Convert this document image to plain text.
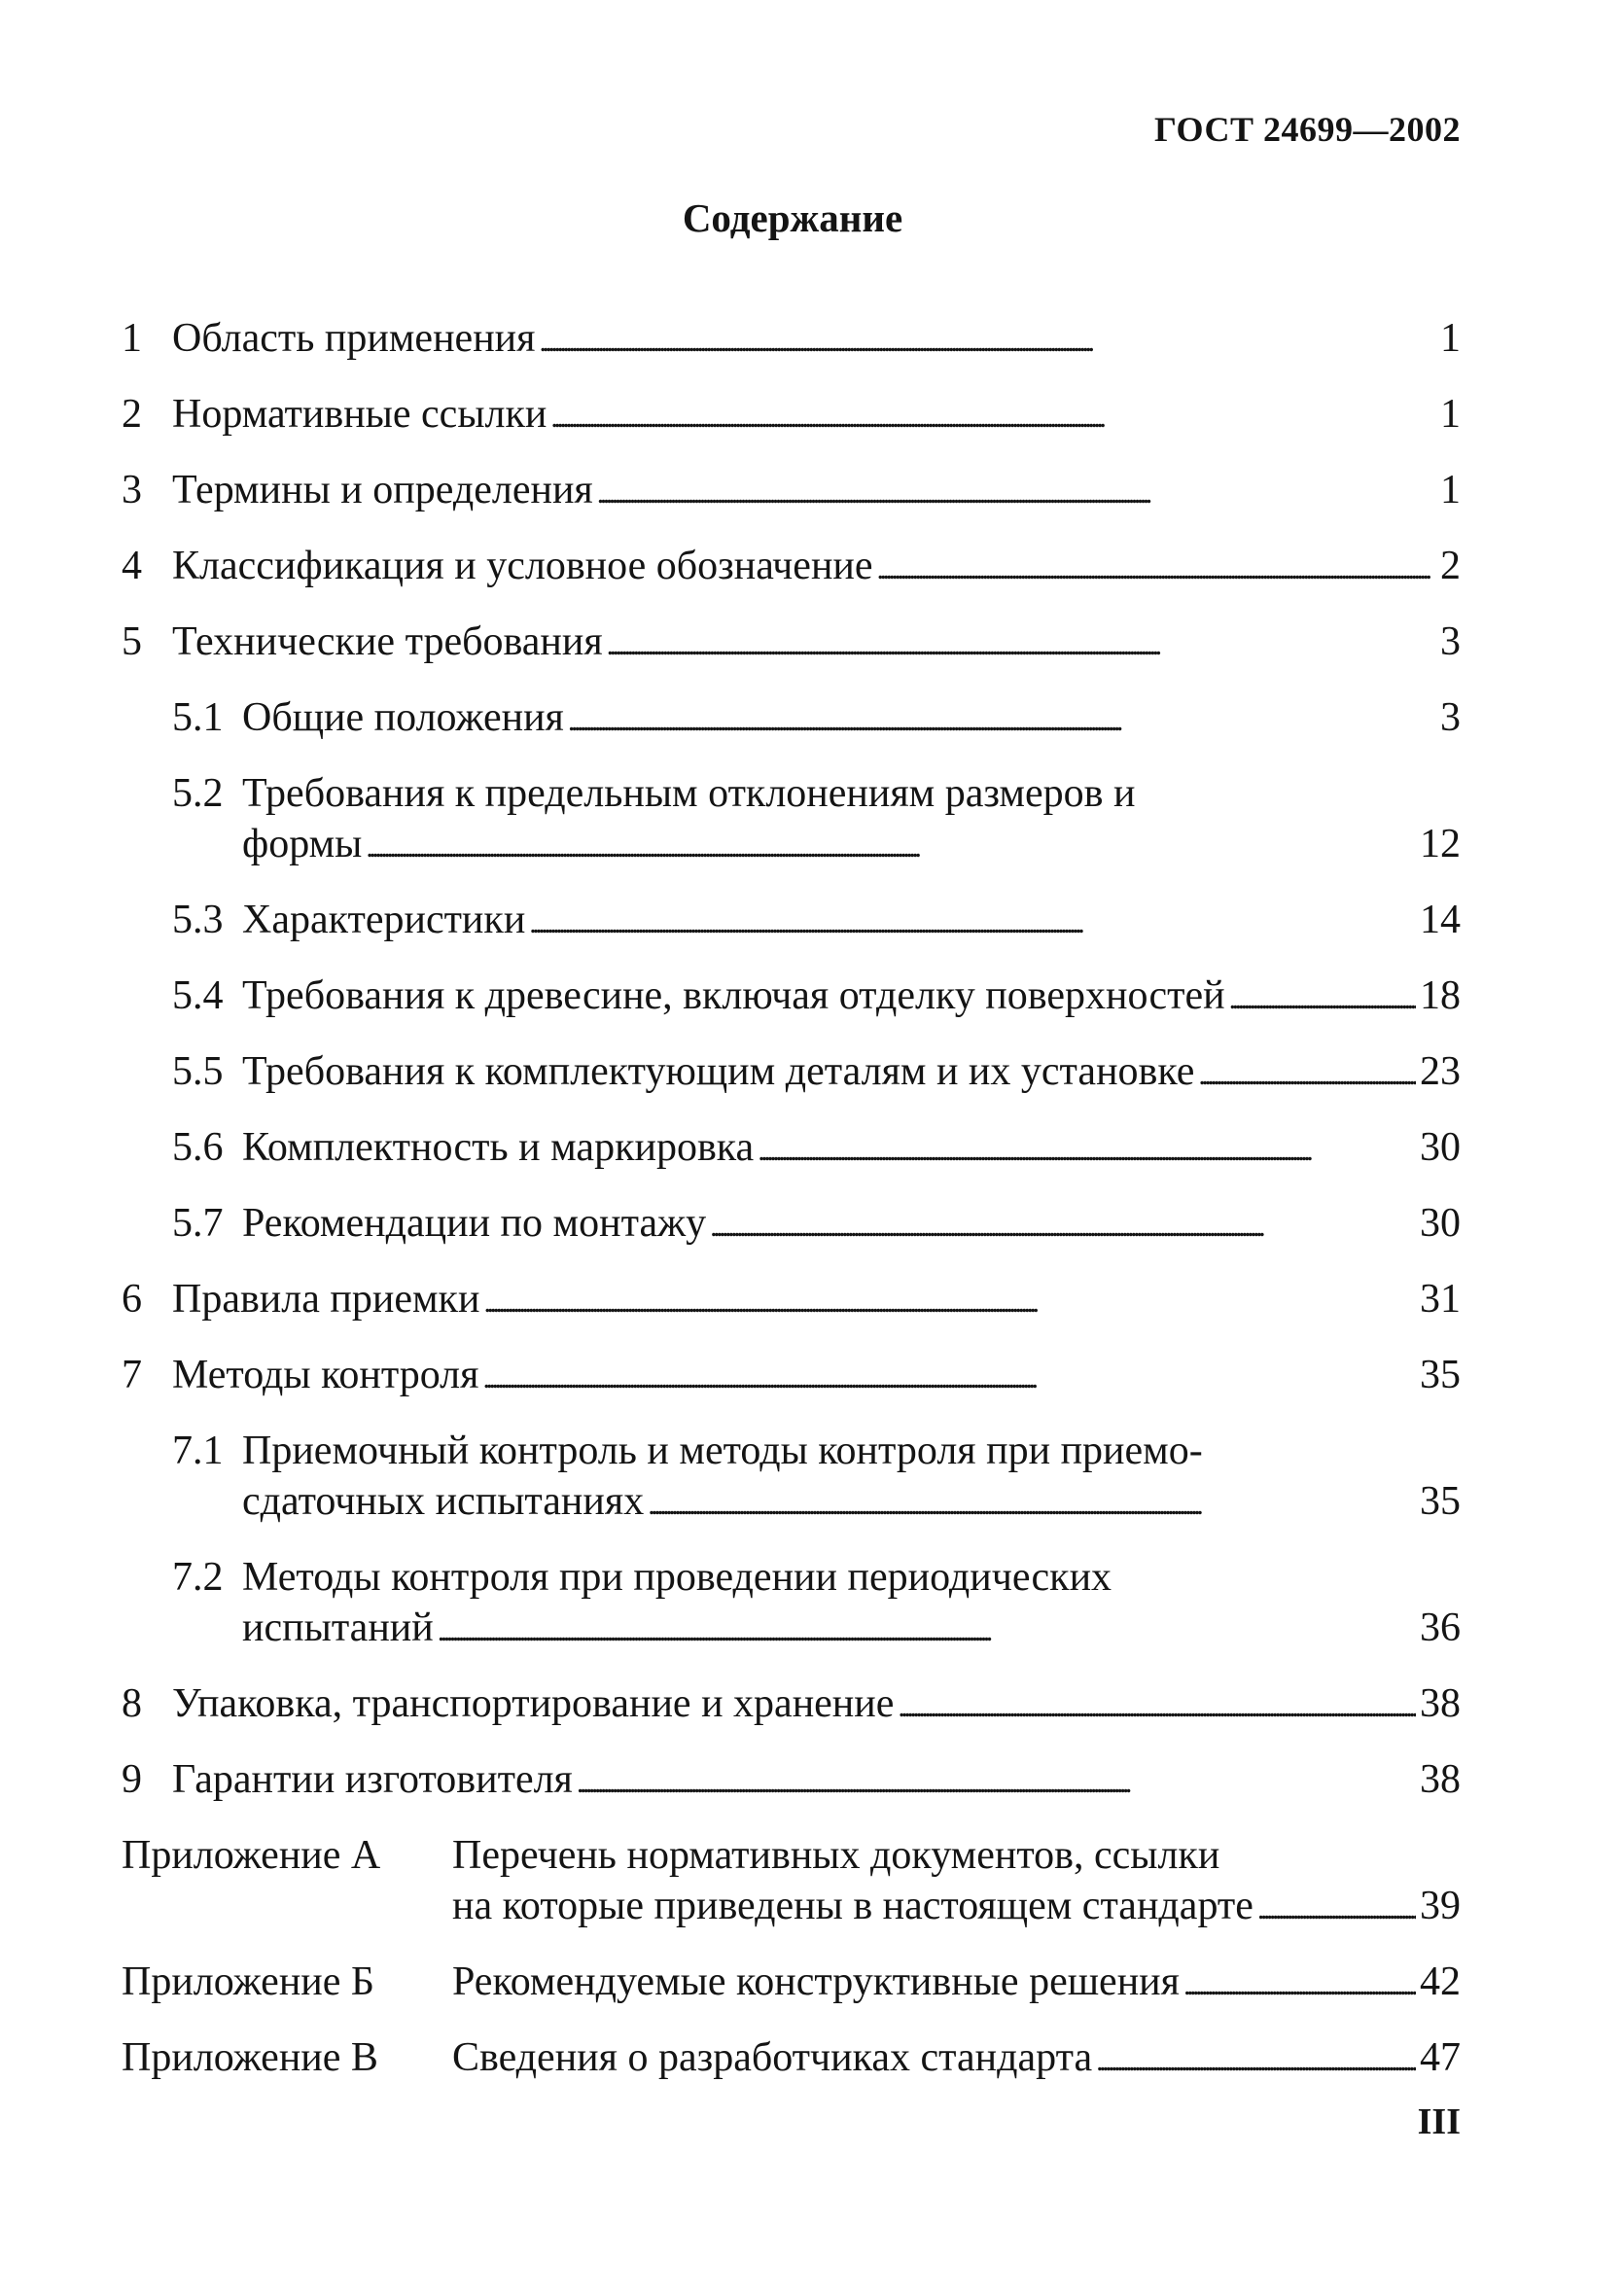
ГОСТ 24699—2002
Содержание
1 Область применения . . .	1
2 Нормативные ссылки . . .	1
3 Термины и определения . . .	1
4 Классификация и условное обозначение . . .	2
5 Технические требования . . .	3
5.1 Общие положения . . .	3
5.2 Требования к предельным отклонениям размеров и
формы . . .	12
5.3 Характеристики . . .	14
5.4 Требования к древесине, включая отделку поверхностей . . .	18
5.5 Требования к комплектующим деталям и их установке . . .	23
5.6 Комплектность и маркировка . . .	30
5.7 Рекомендации по монтажу . . .	30
6 Правила приемки . . .	31
7 Методы контроля . . .	35
7.1 Приемочный контроль и методы контроля при приемо-
сдаточных испытаниях . . .	35
7.2 Методы контроля при проведении периодических
испытаний . . .	36
8 Упаковка, транспортирование и хранение . . .	38
9 Гарантии изготовителя . . .	38
Приложение А	Перечень нормативных документов, ссылки
на которые приведены в настоящем стандарте . . .	39
Приложение Б	Рекомендуемые конструктивные решения . . .	42
Приложение В	Сведения о разработчиках стандарта . . .	47
III
